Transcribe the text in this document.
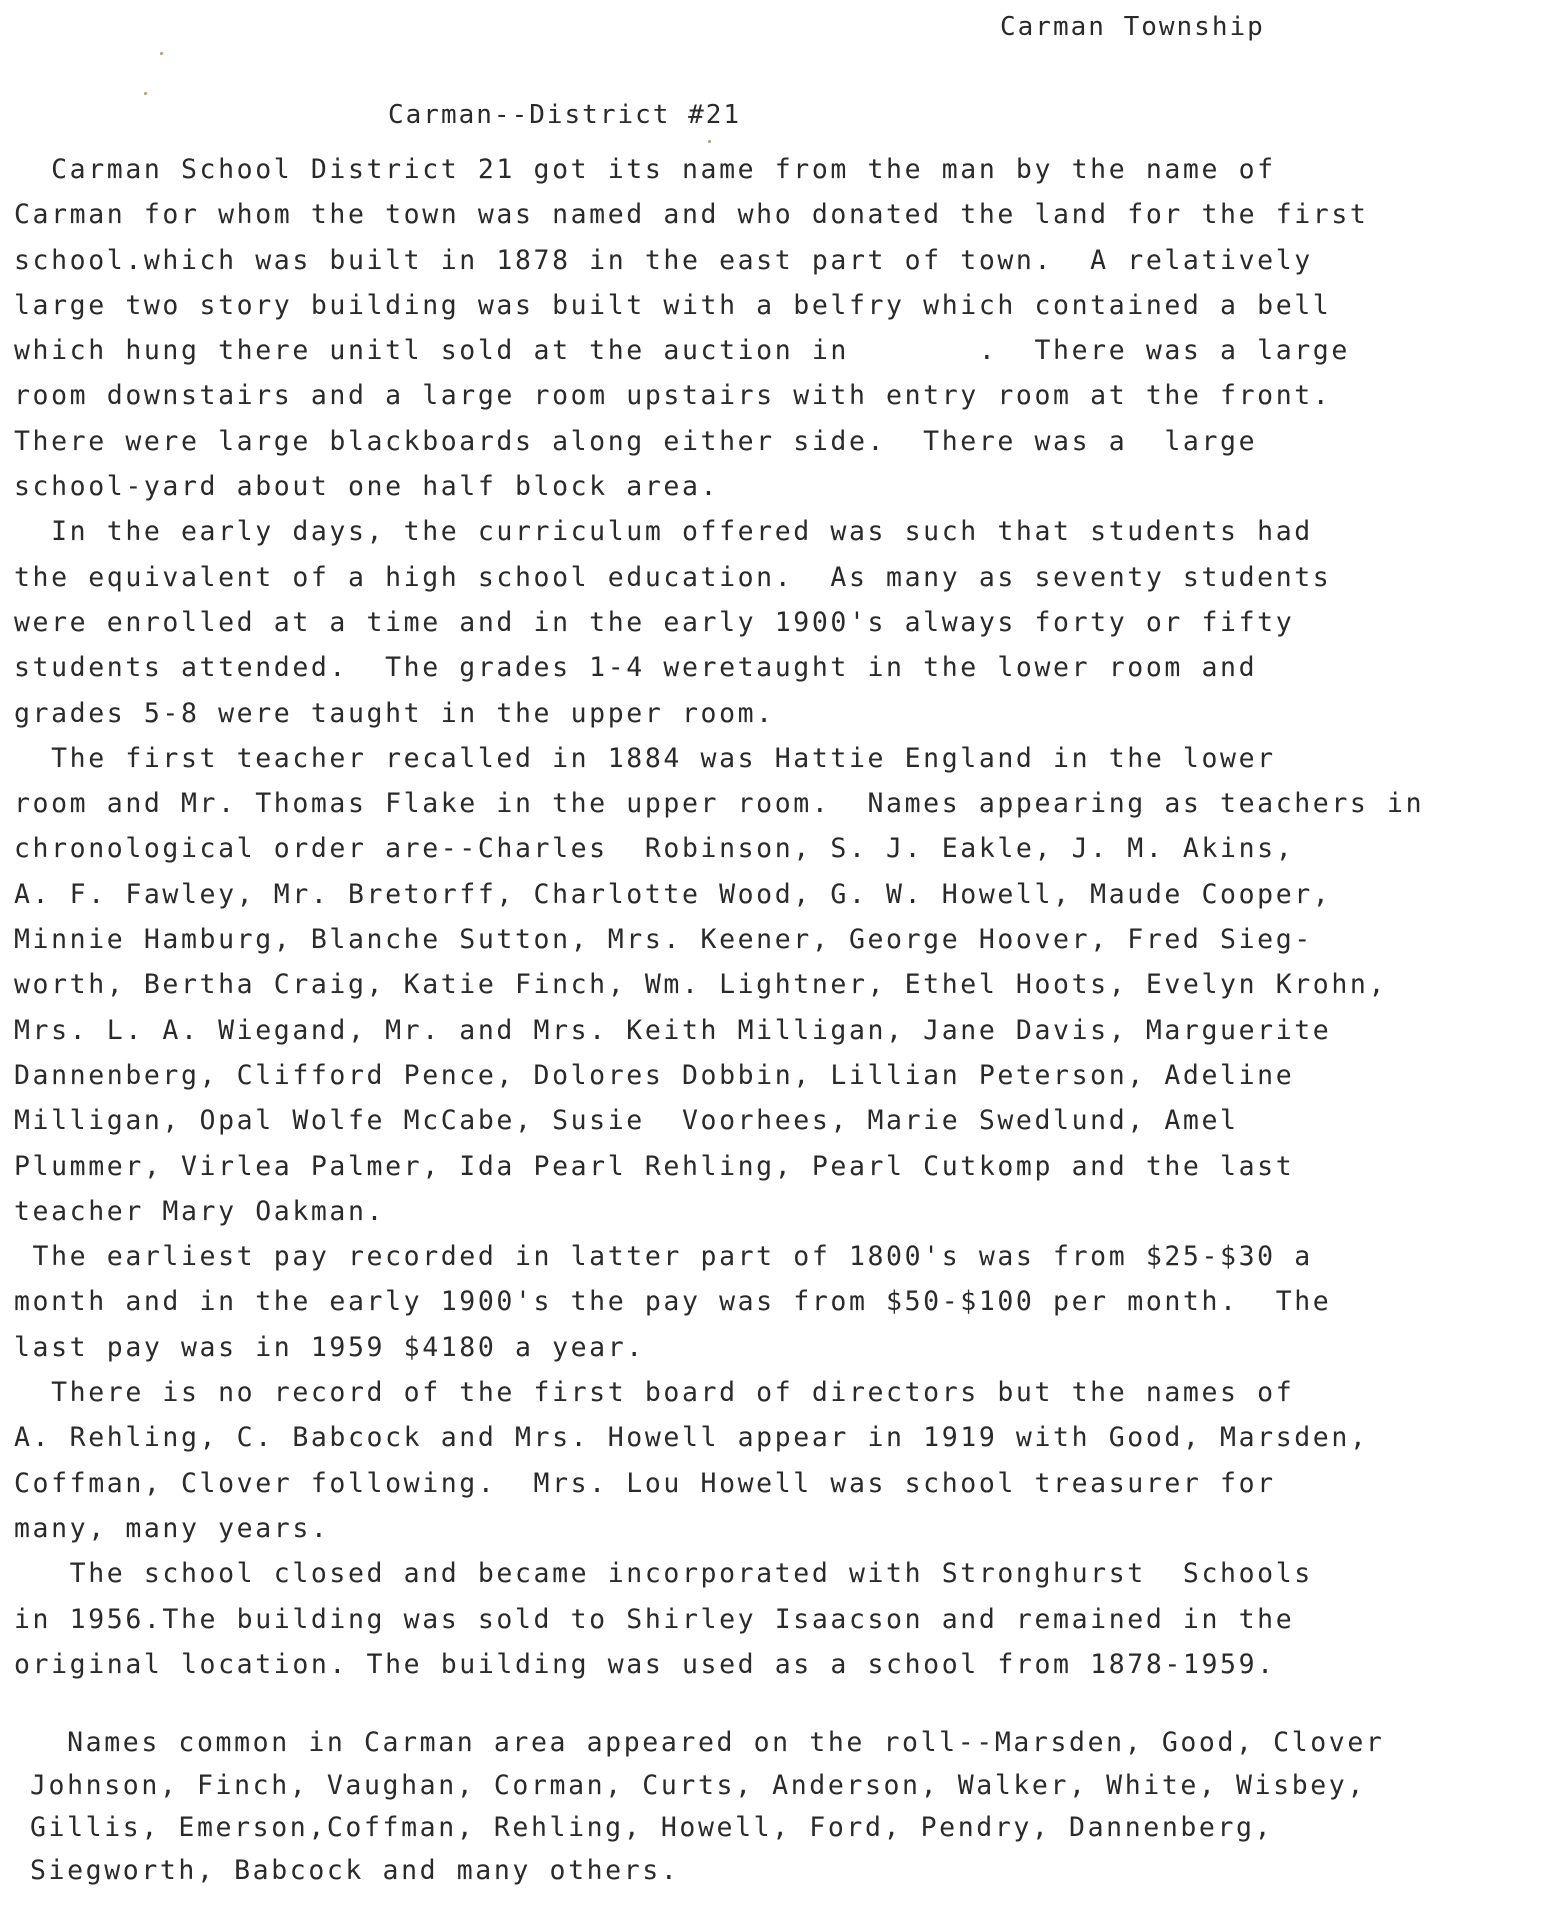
Carman Township
Carman--District #21
Carman School District 21 got its name from the man by the name of
Carman for whom the town was named and who donated the land for the first
school.which was built in 1878 in the east part of town.  A relatively
large two story building was built with a belfry which contained a bell
which hung there unitl sold at the auction in       .  There was a large
room downstairs and a large room upstairs with entry room at the front.
There were large blackboards along either side.  There was a  large
school-yard about one half block area.
In the early days, the curriculum offered was such that students had
the equivalent of a high school education.  As many as seventy students
were enrolled at a time and in the early 1900's always forty or fifty
students attended.  The grades 1-4 weretaught in the lower room and
grades 5-8 were taught in the upper room.
The first teacher recalled in 1884 was Hattie England in the lower
room and Mr. Thomas Flake in the upper room.  Names appearing as teachers in
chronological order are--Charles  Robinson, S. J. Eakle, J. M. Akins,
A. F. Fawley, Mr. Bretorff, Charlotte Wood, G. W. Howell, Maude Cooper,
Minnie Hamburg, Blanche Sutton, Mrs. Keener, George Hoover, Fred Sieg-
worth, Bertha Craig, Katie Finch, Wm. Lightner, Ethel Hoots, Evelyn Krohn,
Mrs. L. A. Wiegand, Mr. and Mrs. Keith Milligan, Jane Davis, Marguerite
Dannenberg, Clifford Pence, Dolores Dobbin, Lillian Peterson, Adeline
Milligan, Opal Wolfe McCabe, Susie  Voorhees, Marie Swedlund, Amel
Plummer, Virlea Palmer, Ida Pearl Rehling, Pearl Cutkomp and the last
teacher Mary Oakman.
The earliest pay recorded in latter part of 1800's was from $25-$30 a
month and in the early 1900's the pay was from $50-$100 per month.  The
last pay was in 1959 $4180 a year.
There is no record of the first board of directors but the names of
A. Rehling, C. Babcock and Mrs. Howell appear in 1919 with Good, Marsden,
Coffman, Clover following.  Mrs. Lou Howell was school treasurer for
many, many years.
The school closed and became incorporated with Stronghurst  Schools
in 1956.The building was sold to Shirley Isaacson and remained in the
original location. The building was used as a school from 1878-1959.
Names common in Carman area appeared on the roll--Marsden, Good, Clover
Johnson, Finch, Vaughan, Corman, Curts, Anderson, Walker, White, Wisbey,
Gillis, Emerson,Coffman, Rehling, Howell, Ford, Pendry, Dannenberg,
Siegworth, Babcock and many others.
